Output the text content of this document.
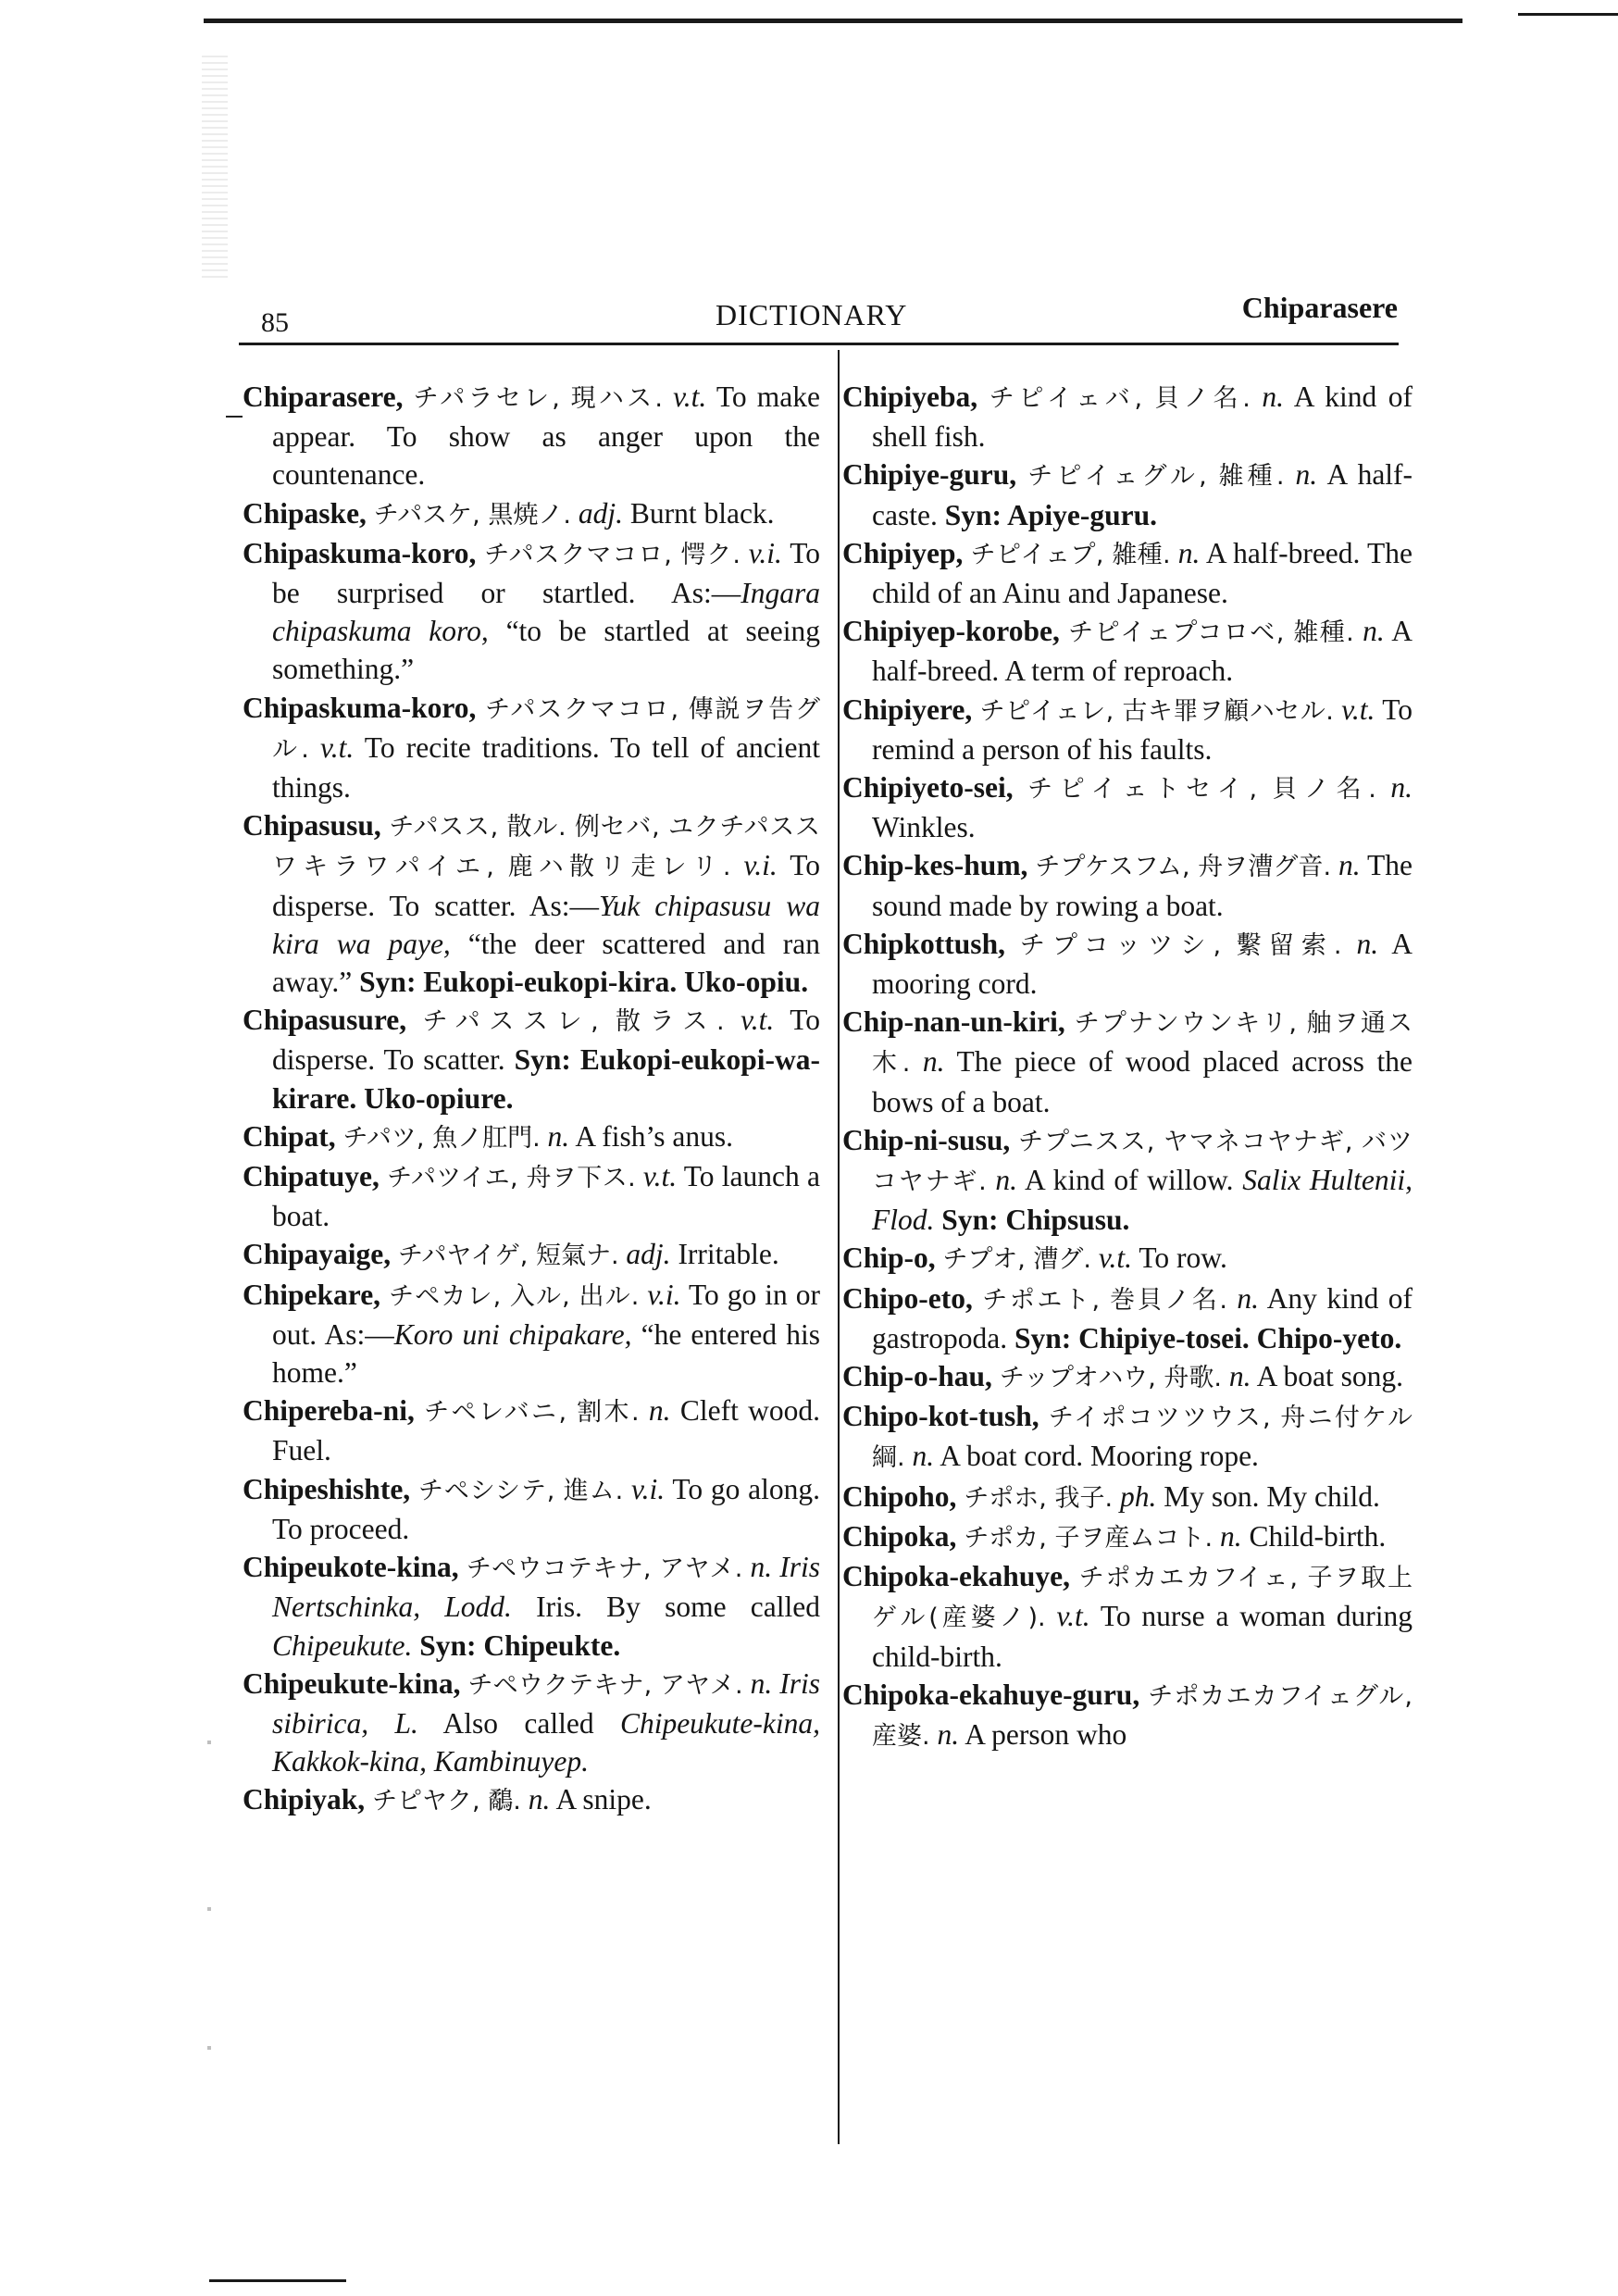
85	DICTIONARY	Chiparasere

Chiparasere, チパラセレ, 現ハス. v.t. To make appear. To show as anger upon the countenance.

Chipaske, チパスケ, 黒焼ノ. adj. Burnt black.

Chipaskuma-koro, チパスクマコロ, 愕ク. v.i. To be surprised or startled. As:—Ingara chipaskuma koro, “to be startled at seeing something.”

Chipaskuma-koro, チパスクマコロ, 傳説ヲ告グル. v.t. To recite traditions. To tell of ancient things.

Chipasusu, チパスス, 散ル. 例セバ, ユクチパススワキラワパイエ, 鹿ハ散リ走レリ. v.i. To disperse. To scatter. As:—Yuk chipasusu wa kira wa paye, “the deer scattered and ran away.” Syn: Eukopi-eukopi-kira. Uko-opiu.

Chipasusure, チパススレ, 散ラス. v.t. To disperse. To scatter. Syn: Eukopi-eukopi-wa-kirare. Uko-opiure.

Chipat, チパツ, 魚ノ肛門. n. A fish’s anus.

Chipatuye, チパツイエ, 舟ヲ下ス. v.t. To launch a boat.

Chipayaige, チパヤイゲ, 短氣ナ. adj. Irritable.

Chipekare, チペカレ, 入ル, 出ル. v.i. To go in or out. As:—Koro uni chipakare, “he entered his home.”

Chipereba-ni, チペレバニ, 割木. n. Cleft wood. Fuel.

Chipeshishte, チペシシテ, 進ム. v.i. To go along. To proceed.

Chipeukote-kina, チペウコテキナ, アヤメ. n. Iris Nertschinka, Lodd. Iris. By some called Chipeukute. Syn: Chipeukte.

Chipeukute-kina, チペウクテキナ, アヤメ. n. Iris sibirica, L. Also called Chipeukute-kina, Kakkok-kina, Kambinuyep.

Chipiyak, チピヤク, 鷸. n. A snipe.

Chipiyeba, チピイェバ, 貝ノ名. n. A kind of shell fish.

Chipiye-guru, チピイェグル, 雑種. n. A half-caste. Syn: Apiye-guru.

Chipiyep, チピイェプ, 雑種. n. A half-breed. The child of an Ainu and Japanese.

Chipiyep-korobe, チピイェプコロベ, 雑種. n. A half-breed. A term of reproach.

Chipiyere, チピイェレ, 古キ罪ヲ顧ハセル. v.t. To remind a person of his faults.

Chipiyeto-sei, チピイェトセイ, 貝ノ名. n. Winkles.

Chip-kes-hum, チプケスフム, 舟ヲ漕グ音. n. The sound made by rowing a boat.

Chipkottush, チプコッツシ, 繫留索. n. A mooring cord.

Chip-nan-un-kiri, チプナンウンキリ, 舳ヲ通ス木. n. The piece of wood placed across the bows of a boat.

Chip-ni-susu, チプニスス, ヤマネコヤナギ, バツコヤナギ. n. A kind of willow. Salix Hultenii, Flod. Syn: Chipsusu.

Chip-o, チプオ, 漕グ. v.t. To row.

Chipo-eto, チポエト, 巻貝ノ名. n. Any kind of gastropoda. Syn: Chipiye-tosei. Chipo-yeto.

Chip-o-hau, チップオハウ, 舟歌. n. A boat song.

Chipo-kot-tush, チイポコツツウス, 舟ニ付ケル綱. n. A boat cord. Mooring rope.

Chipoho, チポホ, 我子. ph. My son. My child.

Chipoka, チポカ, 子ヲ産ムコト. n. Child-birth.

Chipoka-ekahuye, チポカエカフイェ, 子ヲ取上ゲル(産婆ノ). v.t. To nurse a woman during child-birth.

Chipoka-ekahuye-guru, チポカエカフイェグル, 産婆. n. A person who
